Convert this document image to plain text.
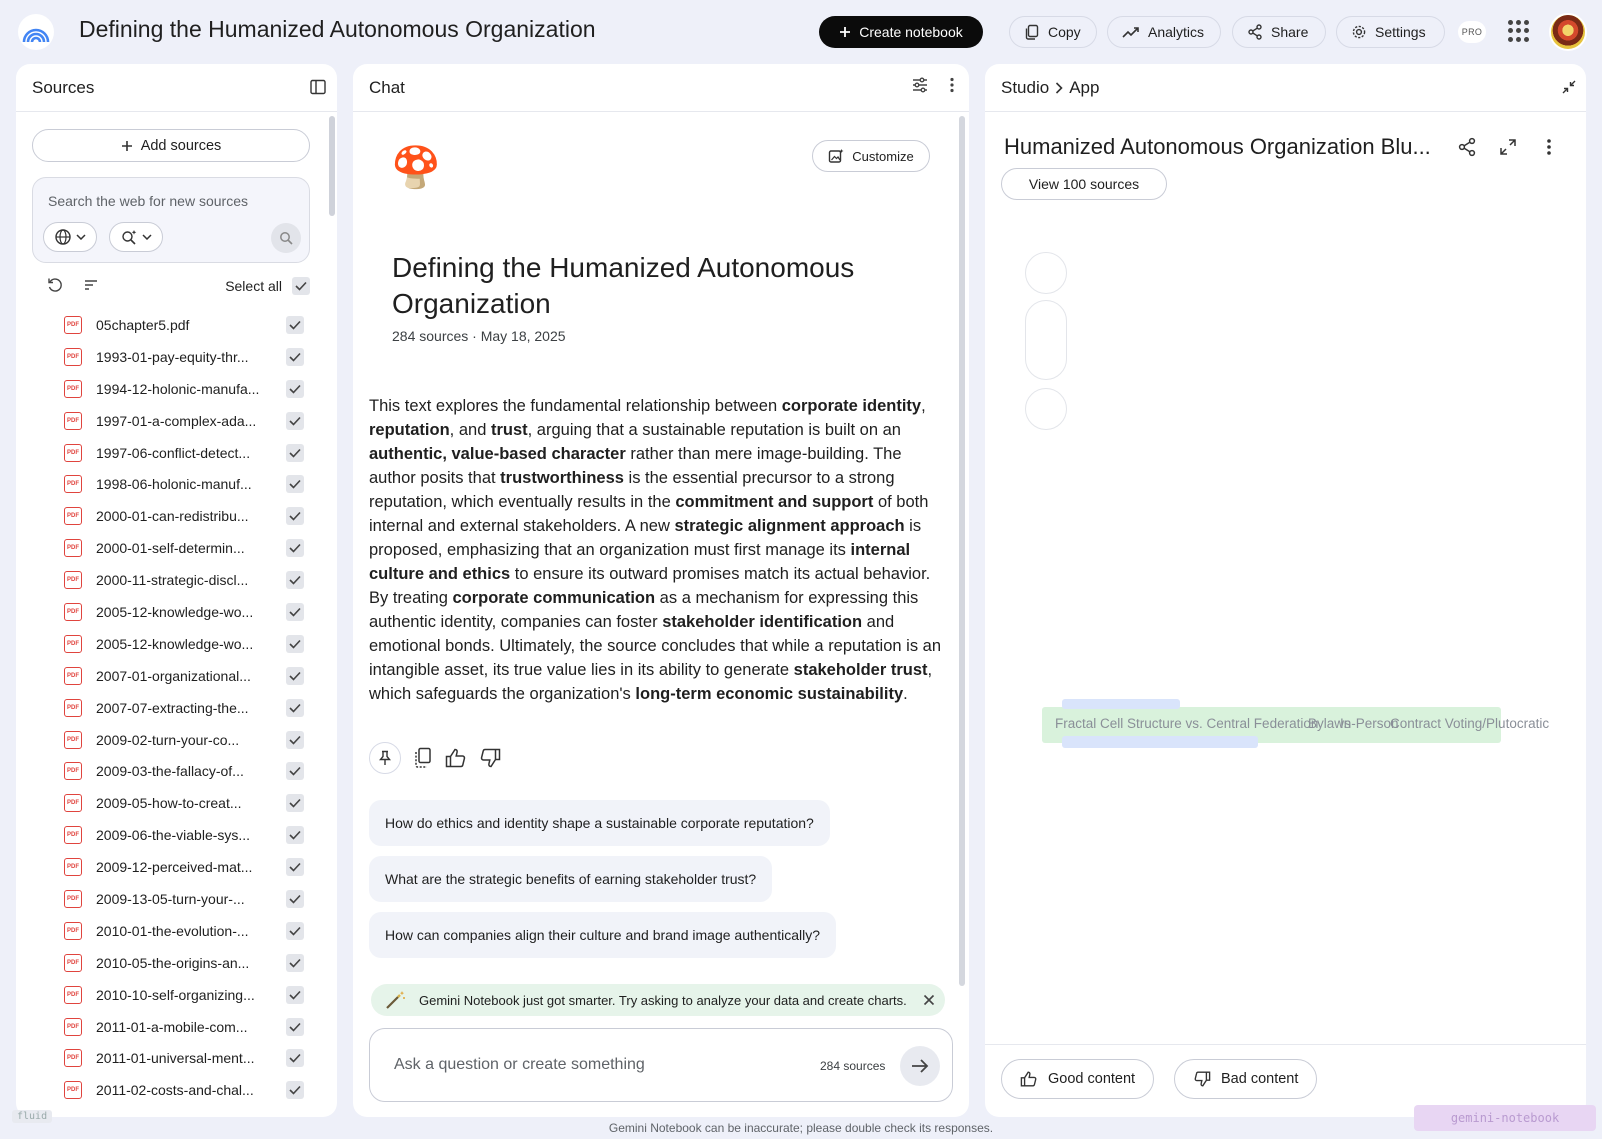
Defining the Humanized Autonomous Organization	Create notebook	Copy	Analytics	Share	Settings	PRO
Sources
Add sources
Search the web for new sources
Select all
PDF 05chapter5.pdf
PDF 1993-01-pay-equity-thr...
PDF 1994-12-holonic-manufa...
PDF 1997-01-a-complex-ada...
PDF 1997-06-conflict-detect...
PDF 1998-06-holonic-manuf...
PDF 2000-01-can-redistribu...
PDF 2000-01-self-determin...
PDF 2000-11-strategic-discl...
PDF 2005-12-knowledge-wo...
PDF 2005-12-knowledge-wo...
PDF 2007-01-organizational...
PDF 2007-07-extracting-the...
PDF 2009-02-turn-your-co...
PDF 2009-03-the-fallacy-of...
PDF 2009-05-how-to-creat...
PDF 2009-06-the-viable-sys...
PDF 2009-12-perceived-mat...
PDF 2009-13-05-turn-your-...
PDF 2010-01-the-evolution-...
PDF 2010-05-the-origins-an...
PDF 2010-10-self-organizing...
PDF 2011-01-a-mobile-com...
PDF 2011-01-universal-ment...
PDF 2011-02-costs-and-chal...
Chat
🍄	Customize
Defining the Humanized Autonomous Organization
284 sources · May 18, 2025
This text explores the fundamental relationship between corporate identity, reputation, and trust, arguing that a sustainable reputation is built on an authentic, value-based character rather than mere image-building. The author posits that trustworthiness is the essential precursor to a strong reputation, which eventually results in the commitment and support of both internal and external stakeholders. A new strategic alignment approach is proposed, emphasizing that an organization must first manage its internal culture and ethics to ensure its outward promises match its actual behavior. By treating corporate communication as a mechanism for expressing this authentic identity, companies can foster stakeholder identification and emotional bonds. Ultimately, the source concludes that while a reputation is an intangible asset, its true value lies in its ability to generate stakeholder trust, which safeguards the organization's long-term economic sustainability.
How do ethics and identity shape a sustainable corporate reputation?
What are the strategic benefits of earning stakeholder trust?
How can companies align their culture and brand image authentically?
Gemini Notebook just got smarter. Try asking to analyze your data and create charts.
Ask a question or create something	284 sources
Studio App
Humanized Autonomous Organization Blu...
View 100 sources
Fractal Cell Structure vs. Central Federation
Bylaws
In-Person
Contract Voting/Plutocratic
Good content	Bad content
fluid	gemini-notebook
Gemini Notebook can be inaccurate; please double check its responses.
